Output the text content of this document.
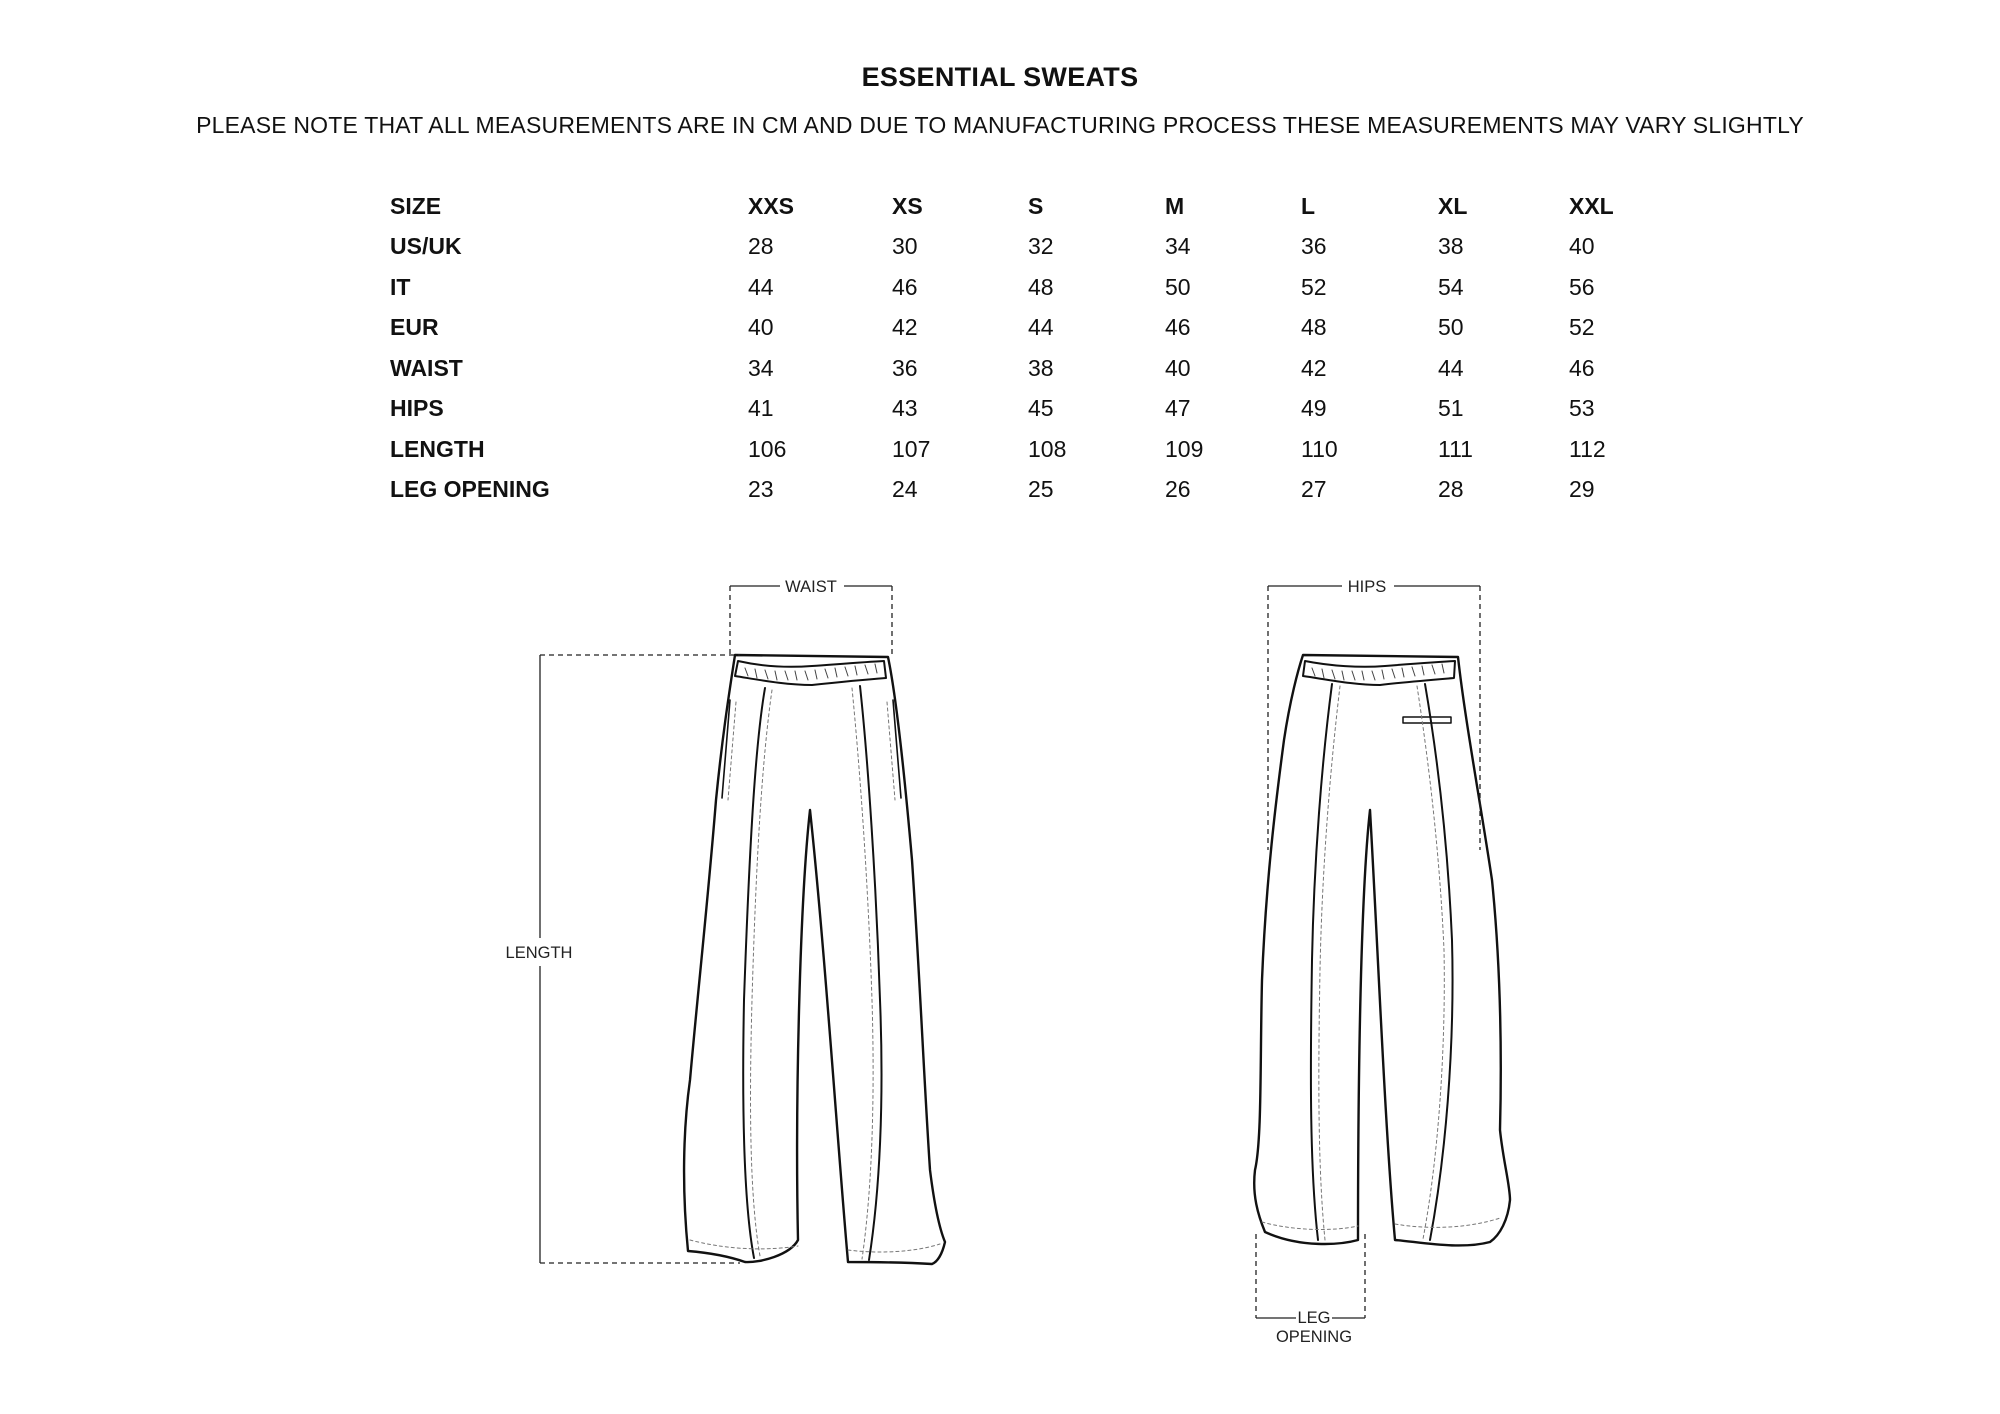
ESSENTIAL SWEATS
PLEASE NOTE THAT ALL MEASUREMENTS ARE IN CM AND DUE TO MANUFACTURING PROCESS THESE MEASUREMENTS MAY VARY SLIGHTLY
SIZE	XXS	XS	S	M	L	XL	XXL
US/UK	28	30	32	34	36	38	40
IT	44	46	48	50	52	54	56
EUR	40	42	44	46	48	50	52
WAIST	34	36	38	40	42	44	46
HIPS	41	43	45	47	49	51	53
LENGTH	106	107	108	109	110	111	112
LEG OPENING	23	24	25	26	27	28	29
WAIST
LENGTH
HIPS
LEG
OPENING
